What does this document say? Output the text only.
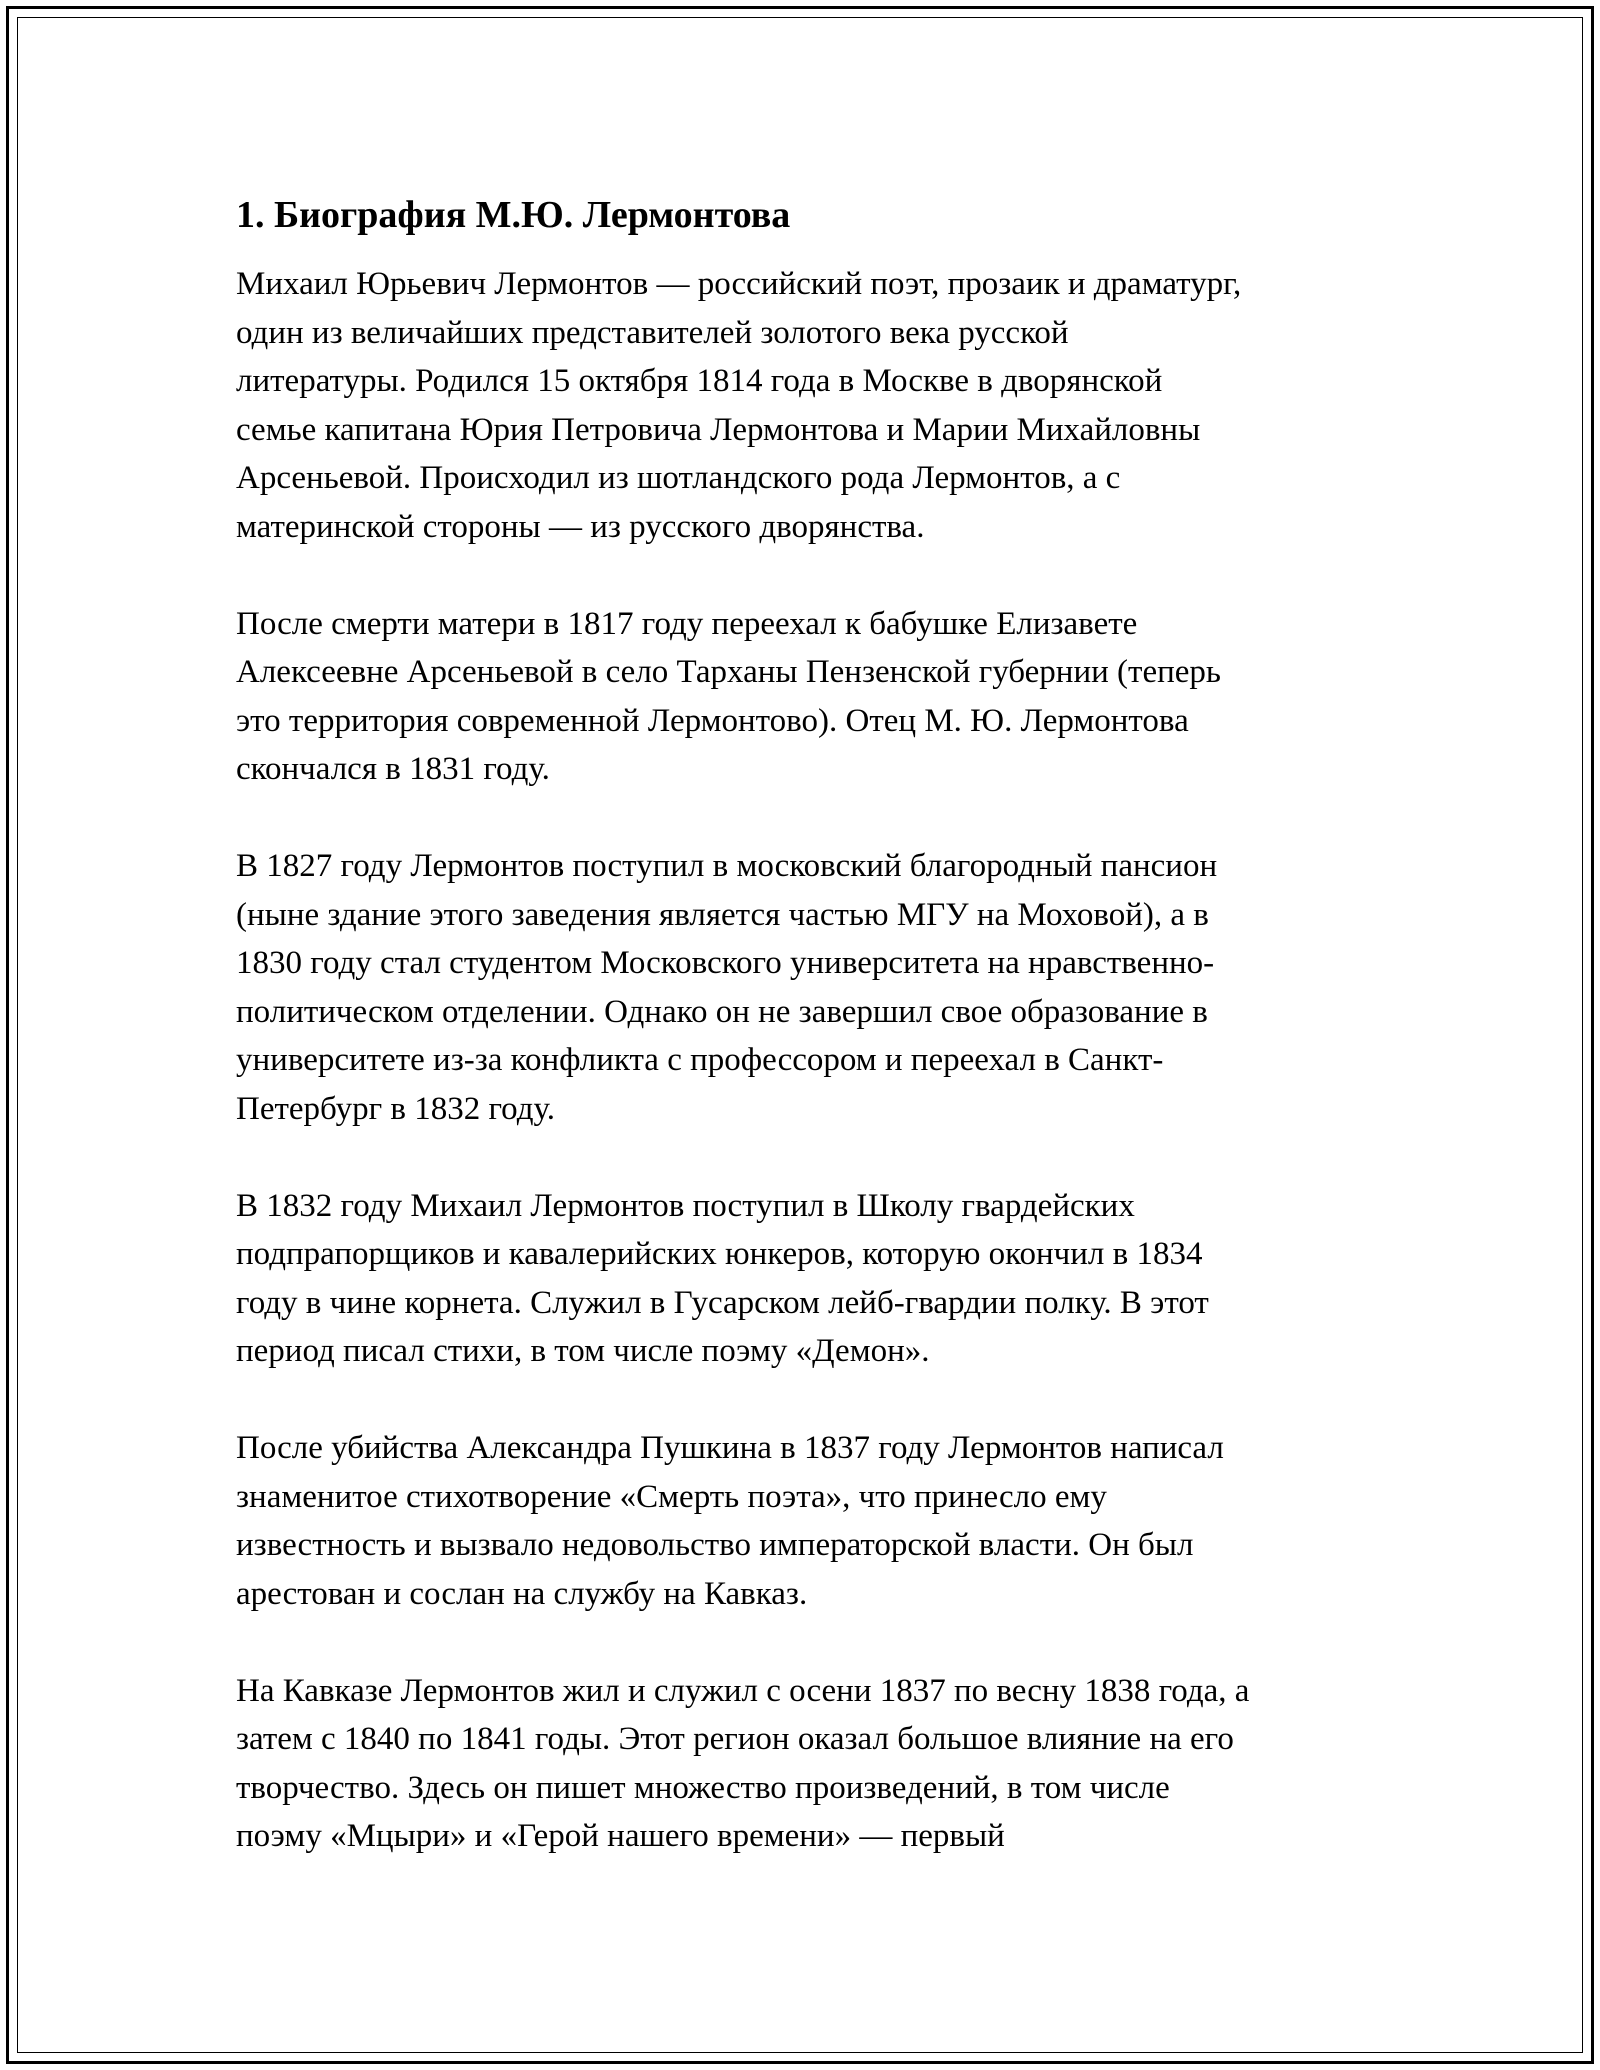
1. Биография М.Ю. Лермонтова

Михаил Юрьевич Лермонтов — российский поэт, прозаик и драматург,
один из величайших представителей золотого века русской
литературы. Родился 15 октября 1814 года в Москве в дворянской
семье капитана Юрия Петровича Лермонтова и Марии Михайловны
Арсеньевой. Происходил из шотландского рода Лермонтов, а с
материнской стороны — из русского дворянства.

После смерти матери в 1817 году переехал к бабушке Елизавете
Алексеевне Арсеньевой в село Тарханы Пензенской губернии (теперь
это территория современной Лермонтово). Отец М. Ю. Лермонтова
скончался в 1831 году.

В 1827 году Лермонтов поступил в московский благородный пансион
(ныне здание этого заведения является частью МГУ на Моховой), а в
1830 году стал студентом Московского университета на нравственно-
политическом отделении. Однако он не завершил свое образование в
университете из-за конфликта с профессором и переехал в Санкт-
Петербург в 1832 году.

В 1832 году Михаил Лермонтов поступил в Школу гвардейских
подпрапорщиков и кавалерийских юнкеров, которую окончил в 1834
году в чине корнета. Служил в Гусарском лейб-гвардии полку. В этот
период писал стихи, в том числе поэму «Демон».

После убийства Александра Пушкина в 1837 году Лермонтов написал
знаменитое стихотворение «Смерть поэта», что принесло ему
известность и вызвало недовольство императорской власти. Он был
арестован и сослан на службу на Кавказ.

На Кавказе Лермонтов жил и служил с осени 1837 по весну 1838 года, а
затем с 1840 по 1841 годы. Этот регион оказал большое влияние на его
творчество. Здесь он пишет множество произведений, в том числе
поэму «Мцыри» и «Герой нашего времени» — первый
